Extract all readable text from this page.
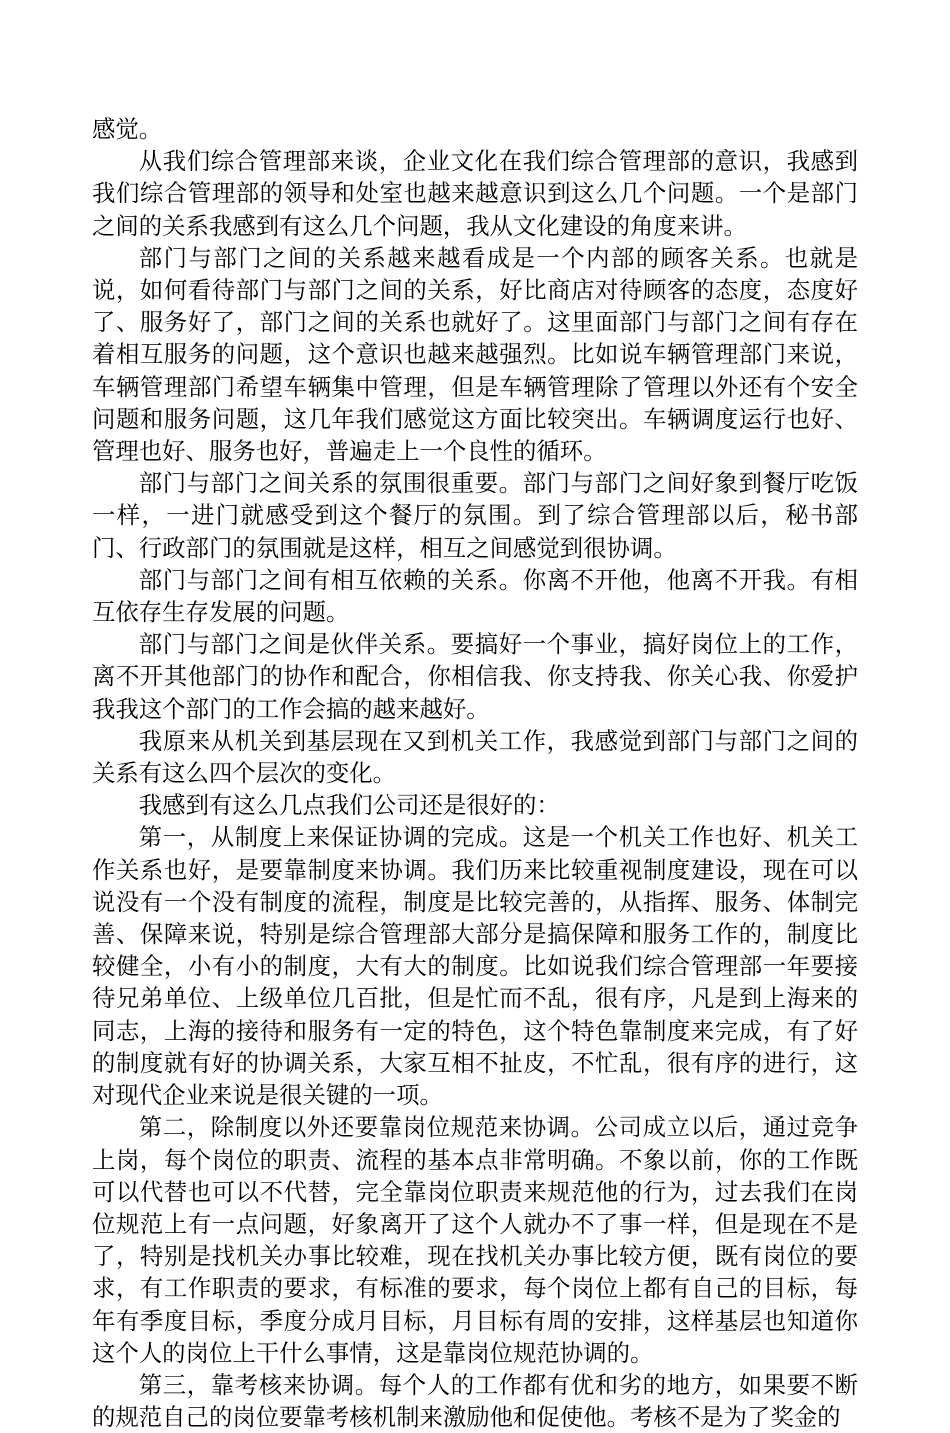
感觉。

从我们综合管理部来谈，企业文化在我们综合管理部的意识，我感到我们综合管理部的领导和处室也越来越意识到这么几个问题。一个是部门之间的关系我感到有这么几个问题，我从文化建设的角度来讲。

部门与部门之间的关系越来越看成是一个内部的顾客关系。也就是说，如何看待部门与部门之间的关系，好比商店对待顾客的态度，态度好了、服务好了，部门之间的关系也就好了。这里面部门与部门之间有存在着相互服务的问题，这个意识也越来越强烈。比如说车辆管理部门来说，车辆管理部门希望车辆集中管理，但是车辆管理除了管理以外还有个安全问题和服务问题，这几年我们感觉这方面比较突出。车辆调度运行也好、管理也好、服务也好，普遍走上一个良性的循环。

部门与部门之间关系的氛围很重要。部门与部门之间好象到餐厅吃饭一样，一进门就感受到这个餐厅的氛围。到了综合管理部以后，秘书部门、行政部门的氛围就是这样，相互之间感觉到很协调。

部门与部门之间有相互依赖的关系。你离不开他，他离不开我。有相互依存生存发展的问题。

部门与部门之间是伙伴关系。要搞好一个事业，搞好岗位上的工作，离不开其他部门的协作和配合，你相信我、你支持我、你关心我、你爱护我我这个部门的工作会搞的越来越好。

我原来从机关到基层现在又到机关工作，我感觉到部门与部门之间的关系有这么四个层次的变化。

我感到有这么几点我们公司还是很好的：

第一，从制度上来保证协调的完成。这是一个机关工作也好、机关工作关系也好，是要靠制度来协调。我们历来比较重视制度建设，现在可以说没有一个没有制度的流程，制度是比较完善的，从指挥、服务、体制完善、保障来说，特别是综合管理部大部分是搞保障和服务工作的，制度比较健全，小有小的制度，大有大的制度。比如说我们综合管理部一年要接待兄弟单位、上级单位几百批，但是忙而不乱，很有序，凡是到上海来的同志，上海的接待和服务有一定的特色，这个特色靠制度来完成，有了好的制度就有好的协调关系，大家互相不扯皮，不忙乱，很有序的进行，这对现代企业来说是很关键的一项。

第二，除制度以外还要靠岗位规范来协调。公司成立以后，通过竞争上岗，每个岗位的职责、流程的基本点非常明确。不象以前，你的工作既可以代替也可以不代替，完全靠岗位职责来规范他的行为，过去我们在岗位规范上有一点问题，好象离开了这个人就办不了事一样，但是现在不是了，特别是找机关办事比较难，现在找机关办事比较方便，既有岗位的要求，有工作职责的要求，有标准的要求，每个岗位上都有自己的目标，每年有季度目标，季度分成月目标，月目标有周的安排，这样基层也知道你这个人的岗位上干什么事情，这是靠岗位规范协调的。

第三，靠考核来协调。每个人的工作都有优和劣的地方，如果要不断的规范自己的岗位要靠考核机制来激励他和促使他。考核不是为了奖金的
